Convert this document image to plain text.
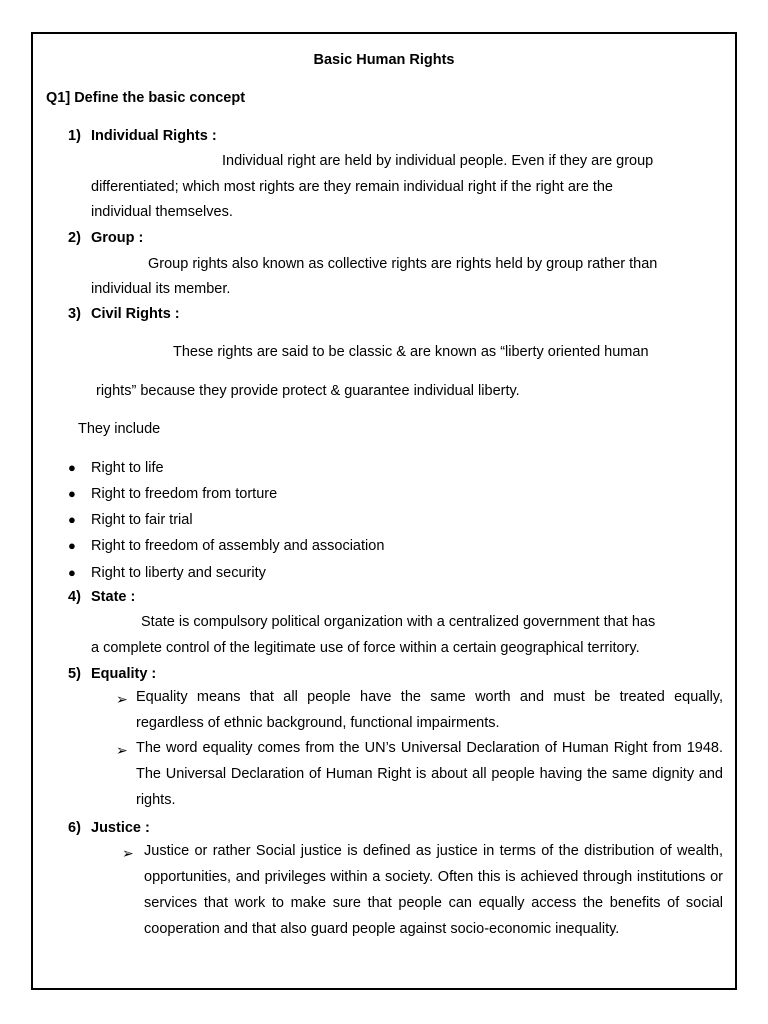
Basic Human Rights
Q1] Define the basic concept
1) Individual Rights :
Individual right are held by individual people. Even if they are group
differentiated; which most rights are they remain individual right if the right are the
individual themselves.
2) Group :
Group rights also known as collective rights are rights held by group rather than
individual its member.
3) Civil Rights :
These rights are said to be classic & are known as “liberty oriented human
rights” because they provide protect & guarantee individual liberty.
They include
● Right to life
● Right to freedom from torture
● Right to fair trial
● Right to freedom of assembly and association
● Right to liberty and security
4) State :
State is compulsory political organization with a centralized government that has
a complete control of the legitimate use of force within a certain geographical territory.
5) Equality :
➢ Equality means that all people have the same worth and must be treated equally, regardless of ethnic background, functional impairments.
➢ The word equality comes from the UN’s Universal Declaration of Human Right from 1948. The Universal Declaration of Human Right is about all people having the same dignity and rights.
6) Justice :
➢ Justice or rather Social justice is defined as justice in terms of the distribution of wealth, opportunities, and privileges within a society. Often this is achieved through institutions or services that work to make sure that people can equally access the benefits of social cooperation and that also guard people against socio-economic inequality.
